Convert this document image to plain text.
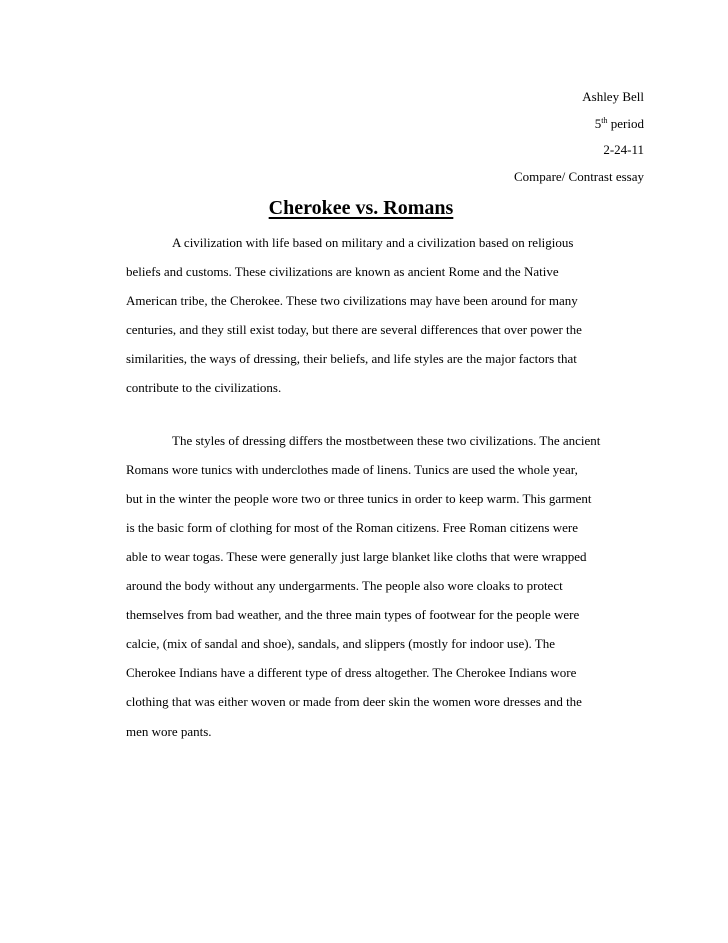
Ashley Bell
5th period
2-24-11
Compare/ Contrast essay
Cherokee vs. Romans
A civilization with life based on military and a civilization based on religious
beliefs and customs. These civilizations are known as ancient Rome and the Native
American tribe, the Cherokee. These two civilizations may have been around for many
centuries, and they still exist today, but there are several differences that over power the
similarities, the ways of dressing, their beliefs, and life styles are the major factors that
contribute to the civilizations.
The styles of dressing differs the mostbetween these two civilizations. The ancient
Romans wore tunics with underclothes made of linens. Tunics are used the whole year,
but in the winter the people wore two or three tunics in order to keep warm. This garment
is the basic form of clothing for most of the Roman citizens. Free Roman citizens were
able to wear togas. These were generally just large blanket like cloths that were wrapped
around the body without any undergarments. The people also wore cloaks to protect
themselves from bad weather, and the three main types of footwear for the people were
calcie, (mix of sandal and shoe), sandals, and slippers (mostly for indoor use). The
Cherokee Indians have a different type of dress altogether. The Cherokee Indians wore
clothing that was either woven or made from deer skin the women wore dresses and the
men wore pants.
